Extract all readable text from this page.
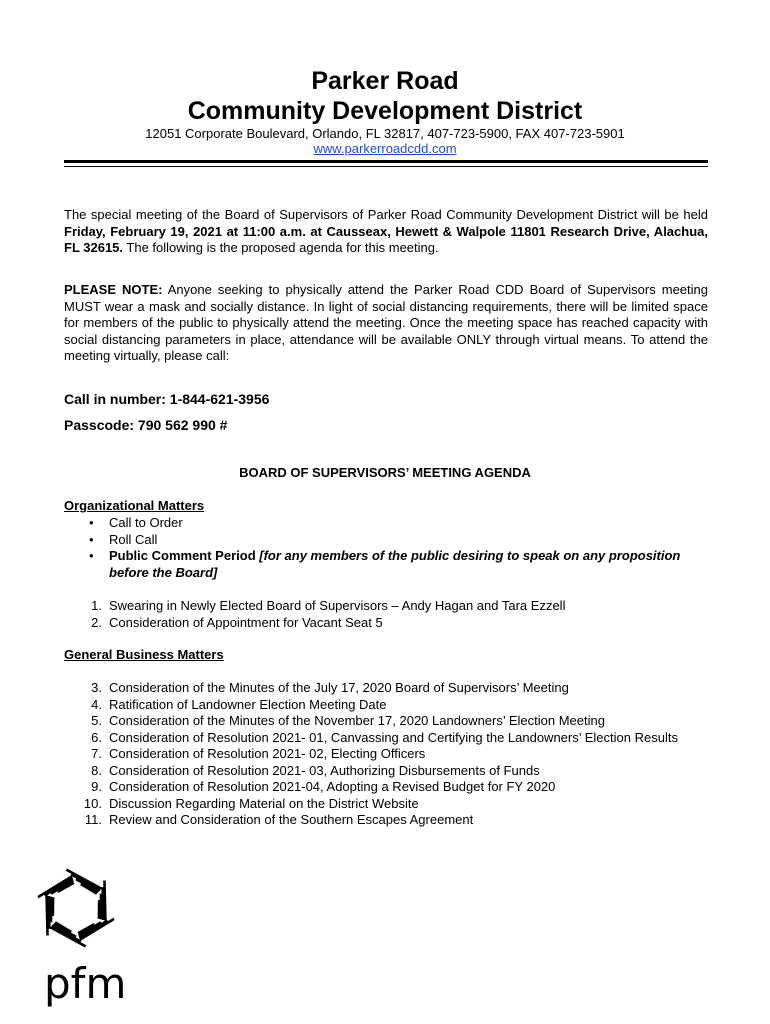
Parker Road
Community Development District
12051 Corporate Boulevard, Orlando, FL 32817, 407-723-5900, FAX 407-723-5901
www.parkerroadcdd.com
The special meeting of the Board of Supervisors of Parker Road Community Development District will be held Friday, February 19, 2021 at 11:00 a.m. at Causseax, Hewett & Walpole 11801 Research Drive, Alachua, FL 32615. The following is the proposed agenda for this meeting.
PLEASE NOTE: Anyone seeking to physically attend the Parker Road CDD Board of Supervisors meeting MUST wear a mask and socially distance. In light of social distancing requirements, there will be limited space for members of the public to physically attend the meeting. Once the meeting space has reached capacity with social distancing parameters in place, attendance will be available ONLY through virtual means. To attend the meeting virtually, please call:
Call in number: 1-844-621-3956
Passcode: 790 562 990 #
BOARD OF SUPERVISORS’ MEETING AGENDA
Organizational Matters
• Call to Order
• Roll Call
• Public Comment Period [for any members of the public desiring to speak on any proposition before the Board]
1. Swearing in Newly Elected Board of Supervisors – Andy Hagan and Tara Ezzell
2. Consideration of Appointment for Vacant Seat 5
General Business Matters
3. Consideration of the Minutes of the July 17, 2020 Board of Supervisors’ Meeting
4. Ratification of Landowner Election Meeting Date
5. Consideration of the Minutes of the November 17, 2020 Landowners’ Election Meeting
6. Consideration of Resolution 2021- 01, Canvassing and Certifying the Landowners’ Election Results
7. Consideration of Resolution 2021- 02, Electing Officers
8. Consideration of Resolution 2021- 03, Authorizing Disbursements of Funds
9. Consideration of Resolution 2021-04, Adopting a Revised Budget for FY 2020
10. Discussion Regarding Material on the District Website
11. Review and Consideration of the Southern Escapes Agreement
pfm
